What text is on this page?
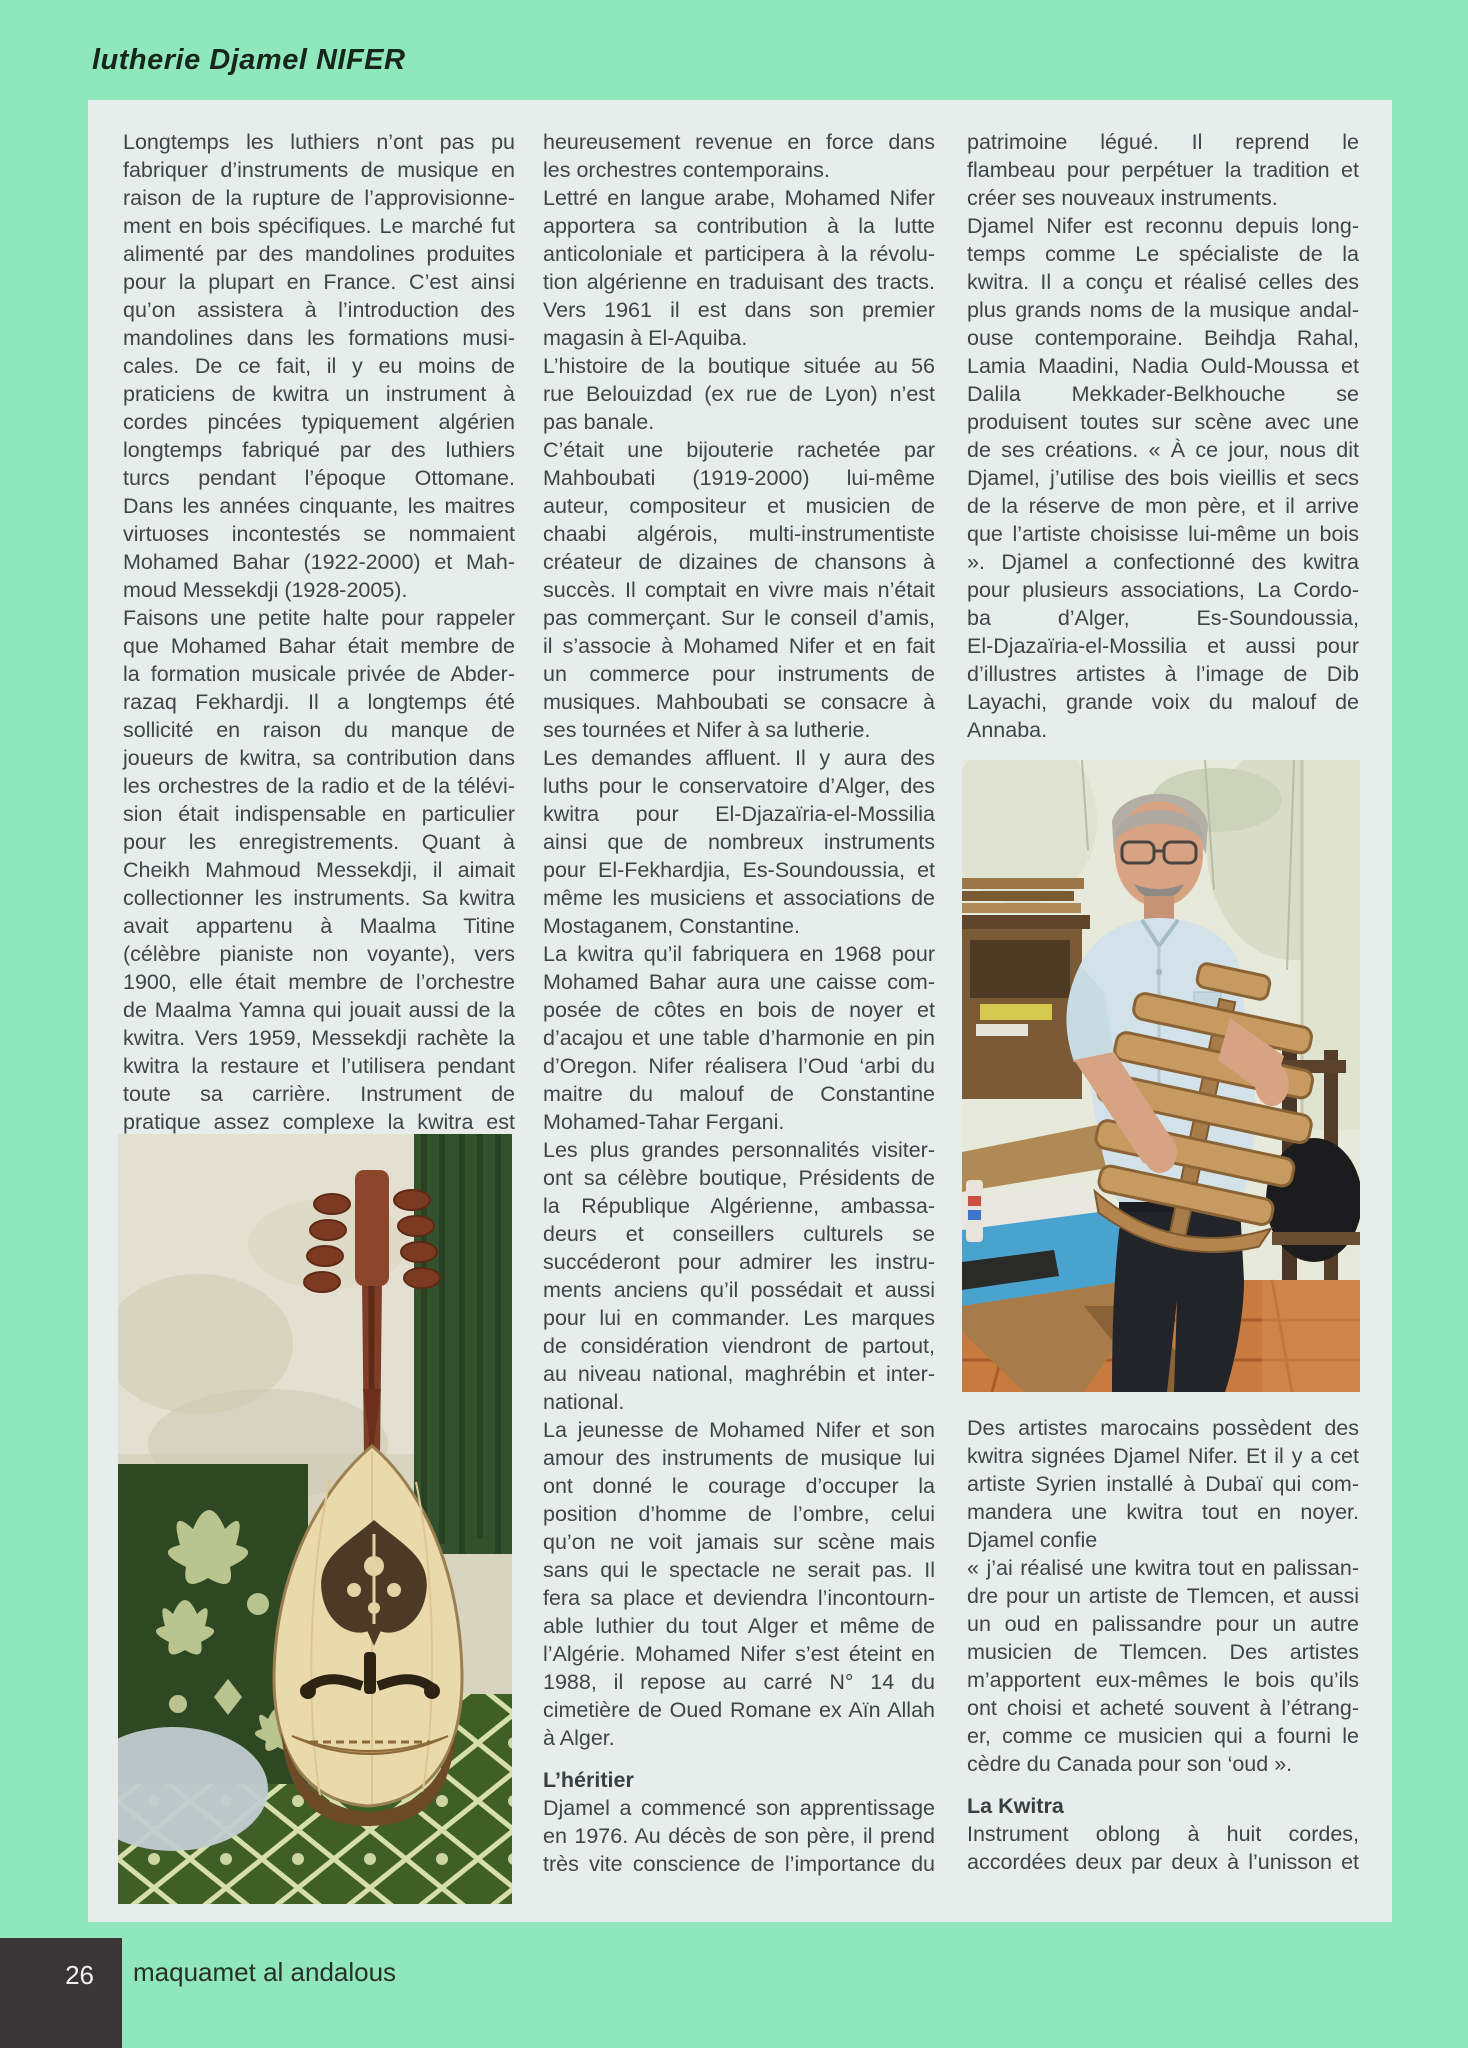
lutherie Djamel NIFER
Longtemps les luthiers n’ont pas pu
fabriquer d’instruments de musique en
raison de la rupture de l’approvisionne-
ment en bois spécifiques. Le marché fut
alimenté par des mandolines produites
pour la plupart en France. C’est ainsi
qu’on assistera à l’introduction des
mandolines dans les formations musi-
cales. De ce fait, il y eu moins de
praticiens de kwitra un instrument à
cordes pincées typiquement algérien
longtemps fabriqué par des luthiers
turcs pendant l’époque Ottomane.
Dans les années cinquante, les maitres
virtuoses incontestés se nommaient
Mohamed Bahar (1922-2000) et Mah-
moud Messekdji (1928-2005).
Faisons une petite halte pour rappeler
que Mohamed Bahar était membre de
la formation musicale privée de Abder-
razaq Fekhardji. Il a longtemps été
sollicité en raison du manque de
joueurs de kwitra, sa contribution dans
les orchestres de la radio et de la télévi-
sion était indispensable en particulier
pour les enregistrements. Quant à
Cheikh Mahmoud Messekdji, il aimait
collectionner les instruments. Sa kwitra
avait appartenu à Maalma Titine
(célèbre pianiste non voyante), vers
1900, elle était membre de l’orchestre
de Maalma Yamna qui jouait aussi de la
kwitra. Vers 1959, Messekdji rachète la
kwitra la restaure et l’utilisera pendant
toute sa carrière. Instrument de
pratique assez complexe la kwitra est
heureusement revenue en force dans
les orchestres contemporains.
Lettré en langue arabe, Mohamed Nifer
apportera sa contribution à la lutte
anticoloniale et participera à la révolu-
tion algérienne en traduisant des tracts.
Vers 1961 il est dans son premier
magasin à El-Aquiba.
L’histoire de la boutique située au 56
rue Belouizdad (ex rue de Lyon) n’est
pas banale.
C’était une bijouterie rachetée par
Mahboubati (1919-2000) lui-même
auteur, compositeur et musicien de
chaabi algérois, multi-instrumentiste
créateur de dizaines de chansons à
succès. Il comptait en vivre mais n’était
pas commerçant. Sur le conseil d’amis,
il s’associe à Mohamed Nifer et en fait
un commerce pour instruments de
musiques. Mahboubati se consacre à
ses tournées et Nifer à sa lutherie.
Les demandes affluent. Il y aura des
luths pour le conservatoire d’Alger, des
kwitra pour El-Djazaïria-el-Mossilia
ainsi que de nombreux instruments
pour El-Fekhardjia, Es-Soundoussia, et
même les musiciens et associations de
Mostaganem, Constantine.
La kwitra qu’il fabriquera en 1968 pour
Mohamed Bahar aura une caisse com-
posée de côtes en bois de noyer et
d’acajou et une table d’harmonie en pin
d’Oregon. Nifer réalisera l’Oud ‘arbi du
maitre du malouf de Constantine
Mohamed-Tahar Fergani.
Les plus grandes personnalités visiter-
ont sa célèbre boutique, Présidents de
la République Algérienne, ambassa-
deurs et conseillers culturels se
succéderont pour admirer les instru-
ments anciens qu’il possédait et aussi
pour lui en commander. Les marques
de considération viendront de partout,
au niveau national, maghrébin et inter-
national.
La jeunesse de Mohamed Nifer et son
amour des instruments de musique lui
ont donné le courage d’occuper la
position d’homme de l’ombre, celui
qu’on ne voit jamais sur scène mais
sans qui le spectacle ne serait pas. Il
fera sa place et deviendra l’incontourn-
able luthier du tout Alger et même de
l’Algérie. Mohamed Nifer s’est éteint en
1988, il repose au carré N° 14 du
cimetière de Oued Romane ex Aïn Allah
à Alger.
L’héritier
Djamel a commencé son apprentissage
en 1976. Au décès de son père, il prend
très vite conscience de l’importance du
patrimoine légué. Il reprend le
flambeau pour perpétuer la tradition et
créer ses nouveaux instruments.
Djamel Nifer est reconnu depuis long-
temps comme Le spécialiste de la
kwitra. Il a conçu et réalisé celles des
plus grands noms de la musique andal-
ouse contemporaine. Beihdja Rahal,
Lamia Maadini, Nadia Ould-Moussa et
Dalila Mekkader-Belkhouche se
produisent toutes sur scène avec une
de ses créations. « À ce jour, nous dit
Djamel, j’utilise des bois vieillis et secs
de la réserve de mon père, et il arrive
que l’artiste choisisse lui-même un bois
». Djamel a confectionné des kwitra
pour plusieurs associations, La Cordo-
ba d’Alger, Es-Soundoussia,
El-Djazaïria-el-Mossilia et aussi pour
d’illustres artistes à l’image de Dib
Layachi, grande voix du malouf de
Annaba.
Des artistes marocains possèdent des
kwitra signées Djamel Nifer. Et il y a cet
artiste Syrien installé à Dubaï qui com-
mandera une kwitra tout en noyer.
Djamel confie
« j’ai réalisé une kwitra tout en palissan-
dre pour un artiste de Tlemcen, et aussi
un oud en palissandre pour un autre
musicien de Tlemcen. Des artistes
m’apportent eux-mêmes le bois qu’ils
ont choisi et acheté souvent à l’étrang-
er, comme ce musicien qui a fourni le
cèdre du Canada pour son ‘oud ».
La Kwitra
Instrument oblong à huit cordes,
accordées deux par deux à l’unisson et
26 maquamet al andalous
